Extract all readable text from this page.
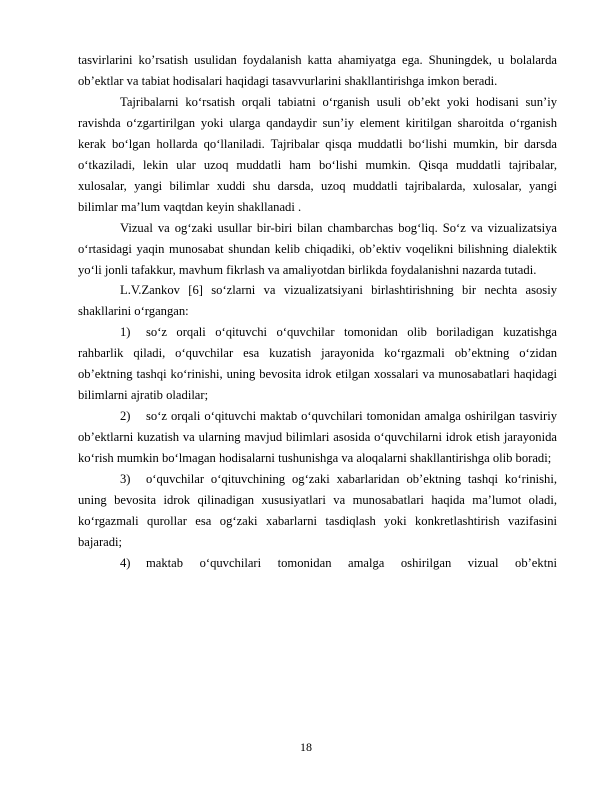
tasvirlarini ko’rsatish usulidan foydalanish katta ahamiyatga ega. Shuningdek, u bolalarda ob’ektlar va tabiat hodisalari haqidagi tasavvurlarini shakllantirishga imkon beradi.

Tajribalarni ko‘rsatish orqali tabiatni o‘rganish usuli ob’ekt yoki hodisani sun’iy ravishda o‘zgartirilgan yoki ularga qandaydir sun’iy element kiritilgan sharoitda o‘rganish kerak bo‘lgan hollarda qo‘llaniladi. Tajribalar qisqa muddatli bo‘lishi mumkin, bir darsda o‘tkaziladi, lekin ular uzoq muddatli ham bo‘lishi mumkin. Qisqa muddatli tajribalar, xulosalar, yangi bilimlar xuddi shu darsda, uzoq muddatli tajribalarda, xulosalar, yangi bilimlar ma’lum vaqtdan keyin shakllanadi .

Vizual va og‘zaki usullar bir-biri bilan chambarchas bog‘liq. So‘z va vizualizatsiya o‘rtasidagi yaqin munosabat shundan kelib chiqadiki, ob’ektiv voqelikni bilishning dialektik yo‘li jonli tafakkur, mavhum fikrlash va amaliyotdan birlikda foydalanishni nazarda tutadi.

L.V.Zankov [6] so‘zlarni va vizualizatsiyani birlashtirishning bir nechta asosiy shakllarini o‘rgangan:

1) so‘z orqali o‘qituvchi o‘quvchilar tomonidan olib boriladigan kuzatishga rahbarlik qiladi, o‘quvchilar esa kuzatish jarayonida ko‘rgazmali ob’ektning o‘zidan ob’ektning tashqi ko‘rinishi, uning bevosita idrok etilgan xossalari va munosabatlari haqidagi bilimlarni ajratib oladilar;

2) so‘z orqali o‘qituvchi maktab o‘quvchilari tomonidan amalga oshirilgan tasviriy ob’ektlarni kuzatish va ularning mavjud bilimlari asosida o‘quvchilarni idrok etish jarayonida ko‘rish mumkin bo‘lmagan hodisalarni tushunishga va aloqalarni shakllantirishga olib boradi;

3) o‘quvchilar o‘qituvchining og‘zaki xabarlaridan ob’ektning tashqi ko‘rinishi, uning bevosita idrok qilinadigan xususiyatlari va munosabatlari haqida ma’lumot oladi, ko‘rgazmali qurollar esa og‘zaki xabarlarni tasdiqlash yoki konkretlashtirish vazifasini bajaradi;

4) maktab o‘quvchilari tomonidan amalga oshirilgan vizual ob’ektni

18
